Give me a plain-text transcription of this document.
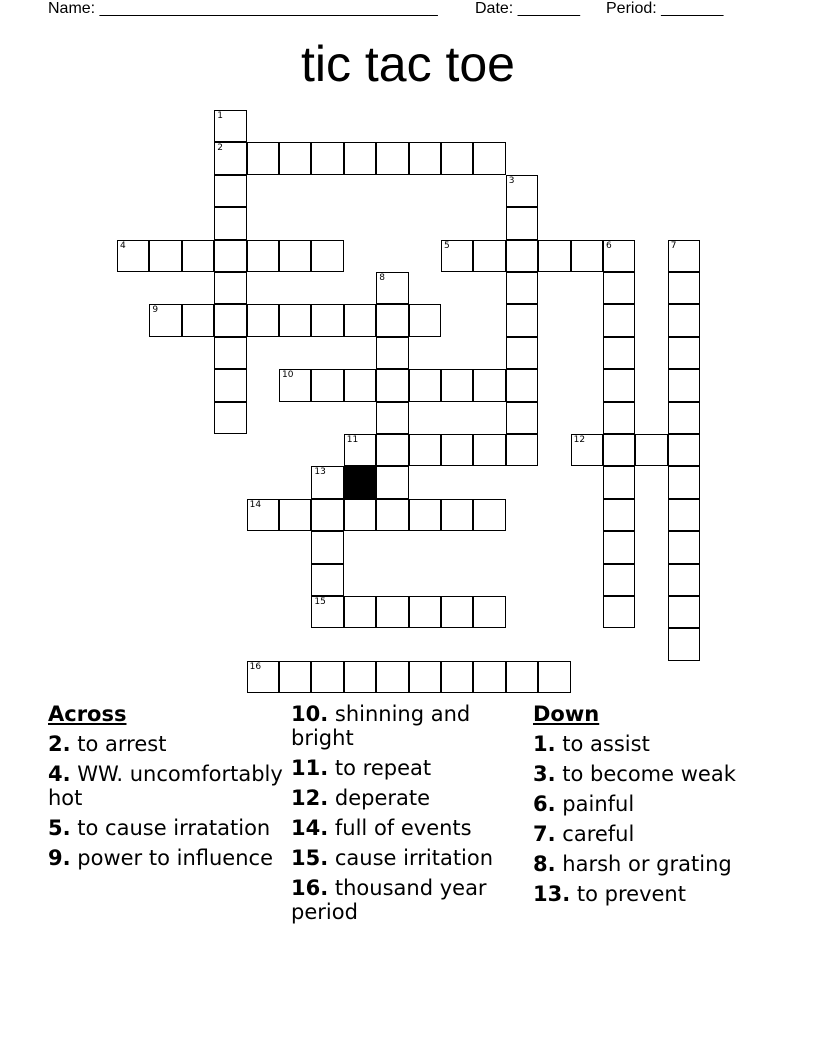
Name: ______________________________________ Date: _______ Period: _______
tic tac toe
2
4	5	6
9
10
11	12
14
15
16
1
3
7
8
13
Across
2. to arrest
4. WW. uncomfortably hot
5. to cause irratation
9. power to influence
10. shinning and bright
11. to repeat
12. deperate
14. full of events
15. cause irritation
16. thousand year period
Down
1. to assist
3. to become weak
6. painful
7. careful
8. harsh or grating
13. to prevent
